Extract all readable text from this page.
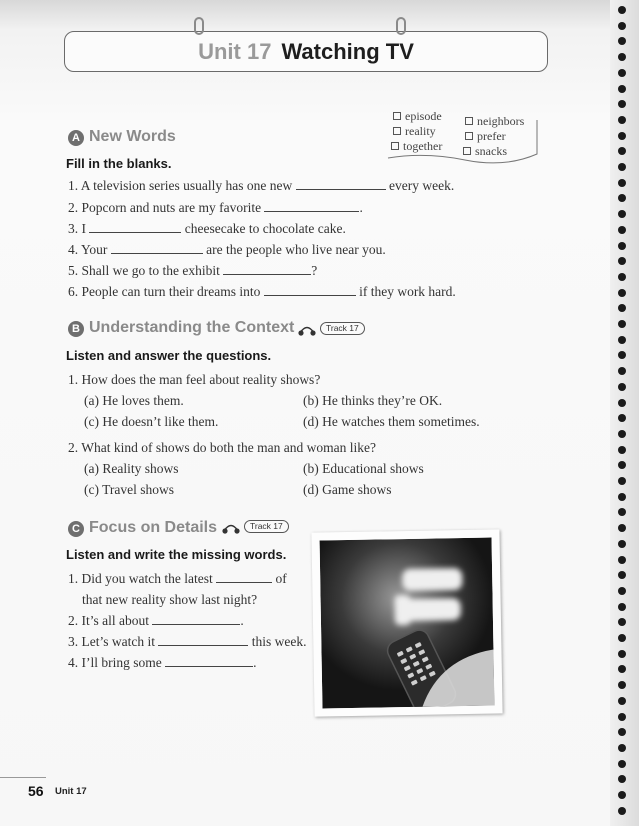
Unit 17 Watching TV
A New Words
Fill in the blanks.
episode
reality
together
neighbors
prefer
snacks
1. A television series usually has one new	every week.
2. Popcorn and nuts are my favorite	.
3. I	cheesecake to chocolate cake.
4. Your	are the people who live near you.
5. Shall we go to the exhibit	?
6. People can turn their dreams into	if they work hard.
B Understanding the Context	Track 17
Listen and answer the questions.
1. How does the man feel about reality shows?
(a) He loves them.	(b) He thinks they’re OK.
(c) He doesn’t like them.	(d) He watches them sometimes.
2. What kind of shows do both the man and woman like?
(a) Reality shows	(b) Educational shows
(c) Travel shows	(d) Game shows
C Focus on Details	Track 17
Listen and write the missing words.
1. Did you watch the latest	of
that new reality show last night?
2. It’s all about	.
3. Let’s watch it	this week.
4. I’ll bring some	.
56 Unit 17
